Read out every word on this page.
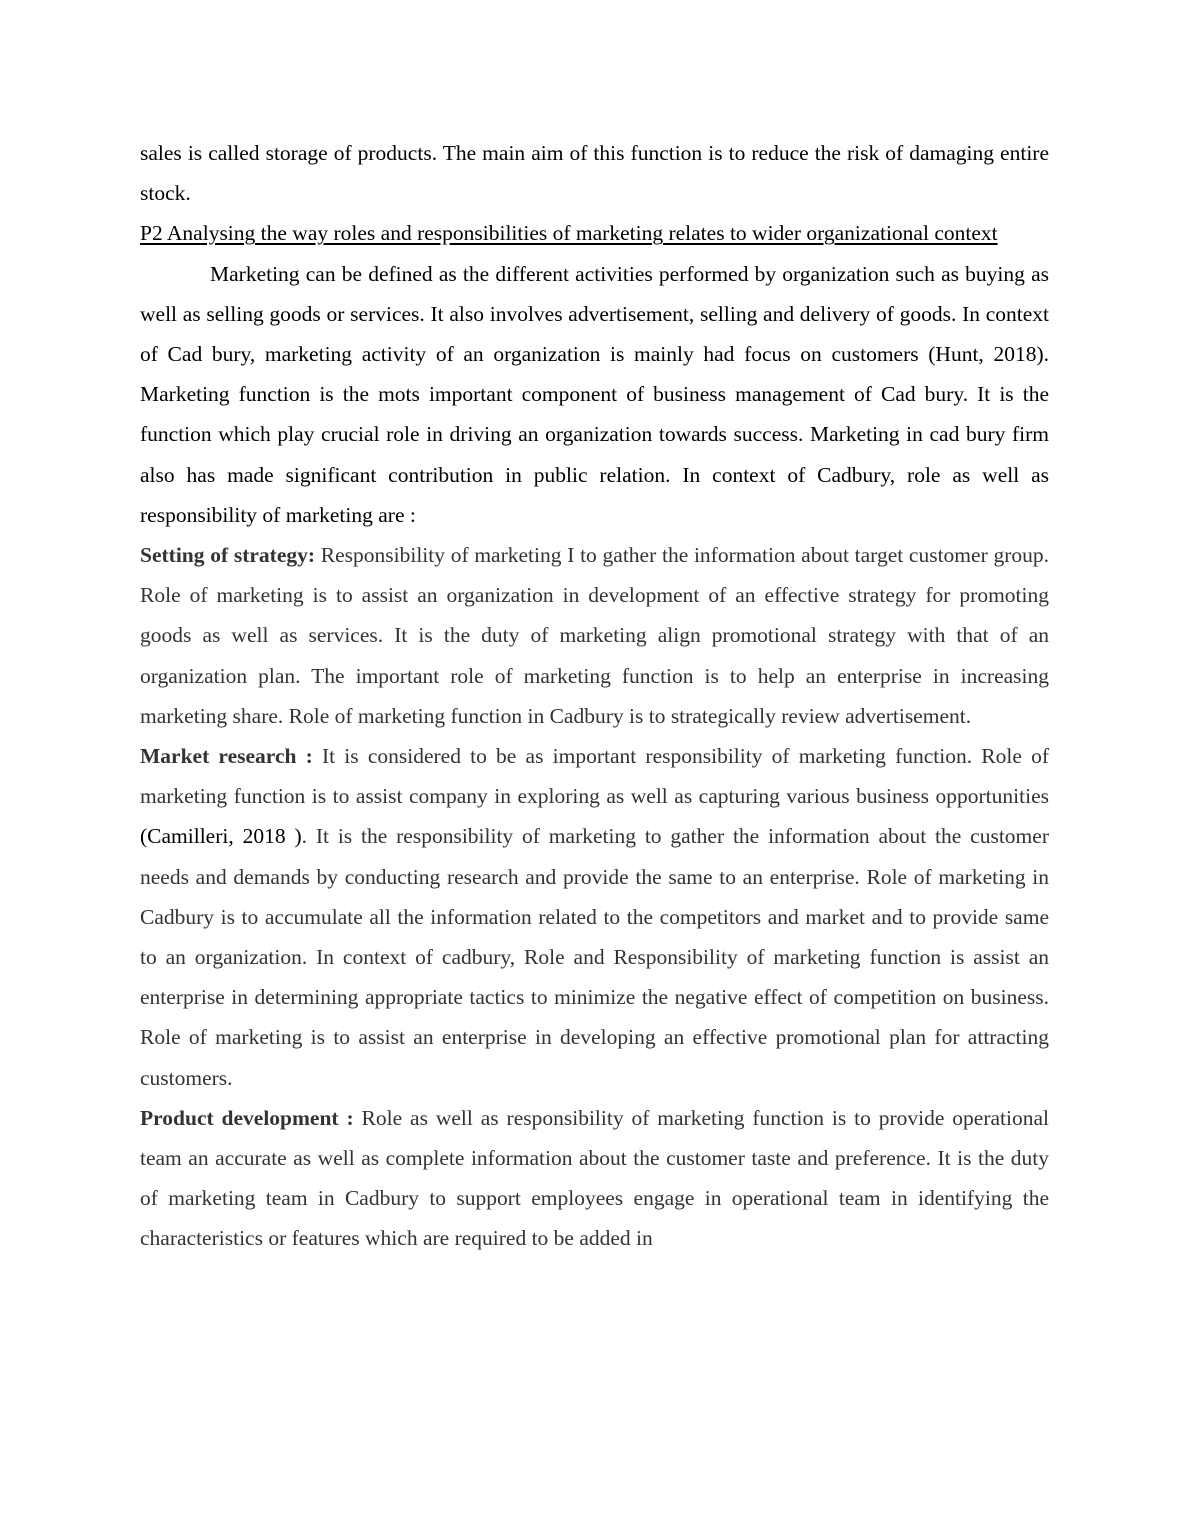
sales is called storage of products. The main aim of this function is to reduce the risk of damaging entire stock.

P2 Analysing the way roles and responsibilities of marketing relates to wider organizational context

Marketing can be defined as the different activities performed by organization such as buying as well as selling goods or services. It also involves advertisement, selling and delivery of goods. In context of Cad bury, marketing activity of an organization is mainly had focus on customers (Hunt, 2018). Marketing function is the mots important component of business management of Cad bury. It is the function which play crucial role in driving an organization towards success. Marketing in cad bury firm also has made significant contribution in public relation. In context of Cadbury, role as well as responsibility of marketing are :

Setting of strategy: Responsibility of marketing I to gather the information about target customer group. Role of marketing is to assist an organization in development of an effective strategy for promoting goods as well as services. It is the duty of marketing align promotional strategy with that of an organization plan. The important role of marketing function is to help an enterprise in increasing marketing share. Role of marketing function in Cadbury is to strategically review advertisement.

Market research : It is considered to be as important responsibility of marketing function. Role of marketing function is to assist company in exploring as well as capturing various business opportunities (Camilleri, 2018 ). It is the responsibility of marketing to gather the information about the customer needs and demands by conducting research and provide the same to an enterprise. Role of marketing in Cadbury is to accumulate all the information related to the competitors and market and to provide same to an organization. In context of cadbury, Role and Responsibility of marketing function is assist an enterprise in determining appropriate tactics to minimize the negative effect of competition on business. Role of marketing is to assist an enterprise in developing an effective promotional plan for attracting customers.

Product development : Role as well as responsibility of marketing function is to provide operational team an accurate as well as complete information about the customer taste and preference. It is the duty of marketing team in Cadbury to support employees engage in operational team in identifying the characteristics or features which are required to be added in
